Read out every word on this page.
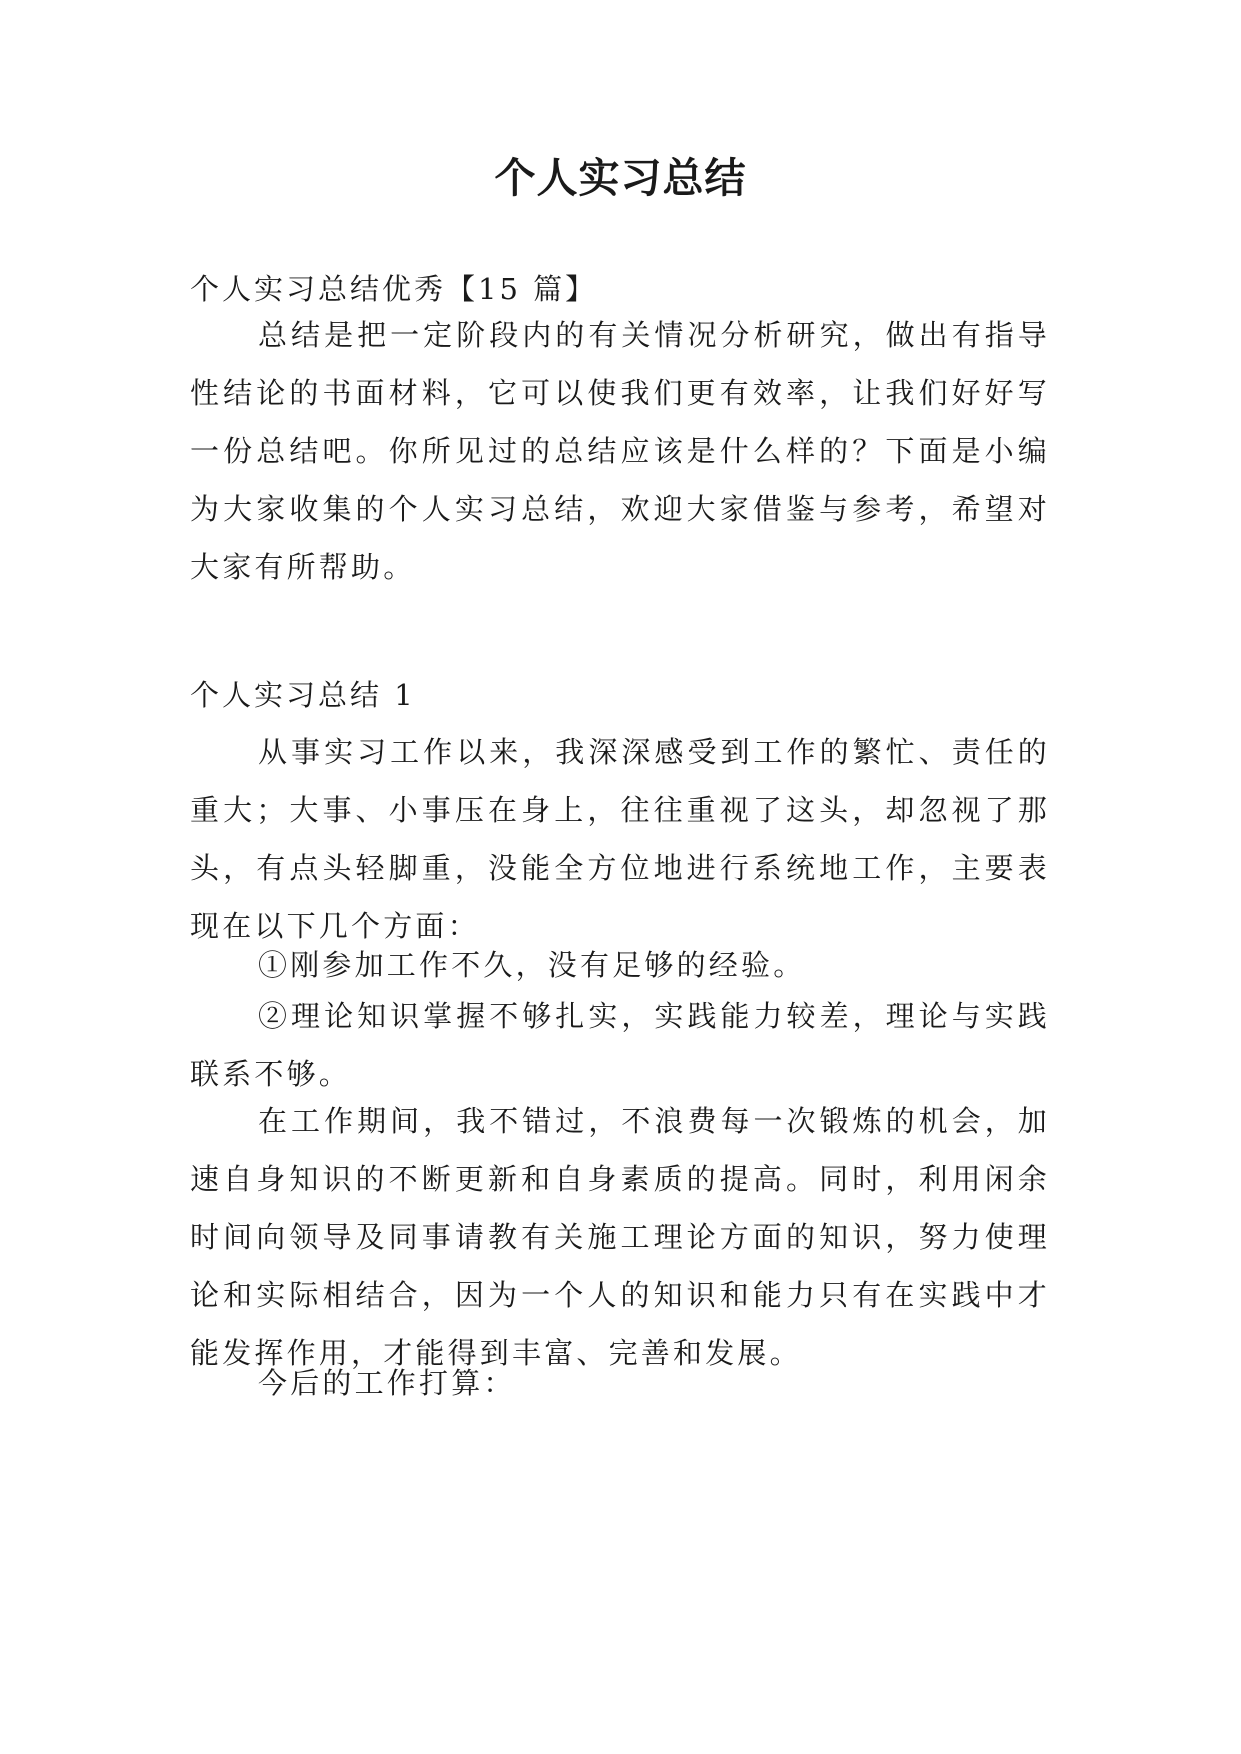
个人实习总结

个人实习总结优秀【15 篇】

总结是把一定阶段内的有关情况分析研究，做出有指导性结论的书面材料，它可以使我们更有效率，让我们好好写一份总结吧。你所见过的总结应该是什么样的？下面是小编为大家收集的个人实习总结，欢迎大家借鉴与参考，希望对大家有所帮助。

个人实习总结 1

从事实习工作以来，我深深感受到工作的繁忙、责任的重大；大事、小事压在身上，往往重视了这头，却忽视了那头，有点头轻脚重，没能全方位地进行系统地工作，主要表现在以下几个方面：

①刚参加工作不久，没有足够的经验。

②理论知识掌握不够扎实，实践能力较差，理论与实践联系不够。

在工作期间，我不错过，不浪费每一次锻炼的机会，加速自身知识的不断更新和自身素质的提高。同时，利用闲余时间向领导及同事请教有关施工理论方面的知识，努力使理论和实际相结合，因为一个人的知识和能力只有在实践中才能发挥作用，才能得到丰富、完善和发展。

今后的工作打算：
